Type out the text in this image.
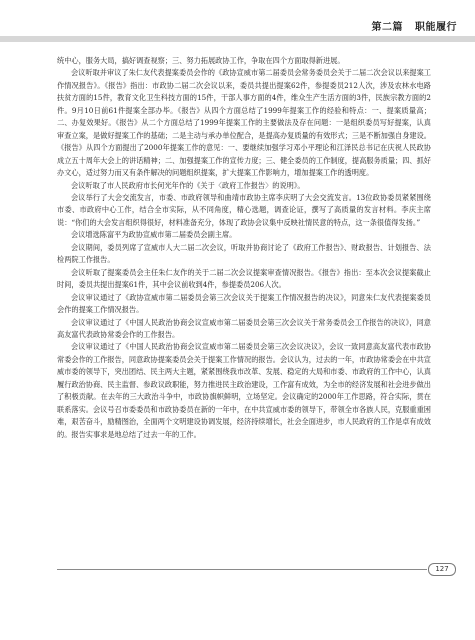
第二篇 职能履行

统中心，服务大局，搞好调查视察；三、努力拓展政协工作，争取在四个方面取得新进展。

会议听取并审议了朱仁友代表提案委员会作的《政协宣威市第二届委员会常务委员会关于二届二次会议以来提案工作情况报告》。《报告》指出：市政协二届二次会议以来，委员共提出提案62件，参提委员212人次，涉及农林水电路扶贫方面的15件，教育文化卫生科技方面的15件，干部人事方面的4件，维众生产生活方面的3件，民族宗教方面的2件。9月10日前61件提案全部办毕。《报告》从四个方面总结了1999年提案工作的经验和特点：一、提案质量高；二、办复效果好。《报告》从二个方面总结了1999年提案工作的主要做法及存在问题：一是组织委员写好提案，认真审查立案，是做好提案工作的基础；二是主动与承办单位配合，是提高办复质量的有效形式；三是不断加强自身建设。《报告》从四个方面提出了2000年提案工作的意见：一、要继续加强学习邓小平理论和江泽民总书记在庆祝人民政协成立五十周年大会上的讲话精神；二、加强提案工作的宣传力度；三、健全委员的工作制度，提高服务质量；四、抓好办文心，适过努力而又有条件解决的问题组织提案，扩大提案工作影响力，增加提案工作的透明度。

会议听取了市人民政府市长何光年作的《关于〈政府工作报告〉的说明》。

会议举行了大会交流发言，市委、市政府领导和曲靖市政协主席李庆明了大会交流发言。13位政协委员紧紧围绕市委、市政府中心工作，结合全市实际，从不同角度，精心选题，调查论证，撰写了高质量的发言材料。李庆主席说：“你们的大会发言组织得很好，材料准备充分，体现了政协会议集中反映社情民意的特点，这一条很值得发扬。”

会议增选陈富平为政协宣威市第二届委员会副主席。

会议期间，委员列席了宣威市人大二届二次会议，听取并协商讨论了《政府工作报告》、财政报告、计划报告、法检两院工作报告。

会议听取了提案委员会主任朱仁友作的关于二届二次会议提案审查情况报告。《报告》指出：至本次会议提案截止时间，委员共提出提案61件，其中会议前收到4件，参提委员206人次。

会议审议通过了《政协宣威市第二届委员会第三次会议关于提案工作情况报告的决议》，同意朱仁友代表提案委员会作的提案工作情况报告。

会议审议通过了《中国人民政治协商会议宣威市第二届委员会第三次会议关于常务委员会工作报告的决议》，同意高友富代表政协常委会作的工作报告。

会议审议通过了《中国人民政治协商会议宣威市第二届委员会第三次会议决议》，会议一致同意高友富代表市政协常委会作的工作报告，同意政协提案委员会关于提案工作情况的报告。会议认为，过去的一年，市政协常委会在中共宣威市委的领导下，突出团结、民主两大主题，紧紧围绕我市改革、发展、稳定的大局和市委、市政府的工作中心，认真履行政治协商、民主监督、参政议政职能，努力推进民主政治建设，工作富有成效，为全市的经济发展和社会进步做出了积极贡献。在去年的三大政治斗争中，市政协旗帜鲜明，立场坚定。会议确定的2000年工作思路，符合实际，贯在联系落实。会议号召市委委员和市政协委员在新的一年中，在中共宣威市委的领导下，带领全市各族人民，克服重重困难，艰苦奋斗，励精图治，全面两个文明建设协调发展，经济持续增长，社会全面进步，市人民政府的工作是卓有成效的。报告实事求是地总结了过去一年的工作。

127
